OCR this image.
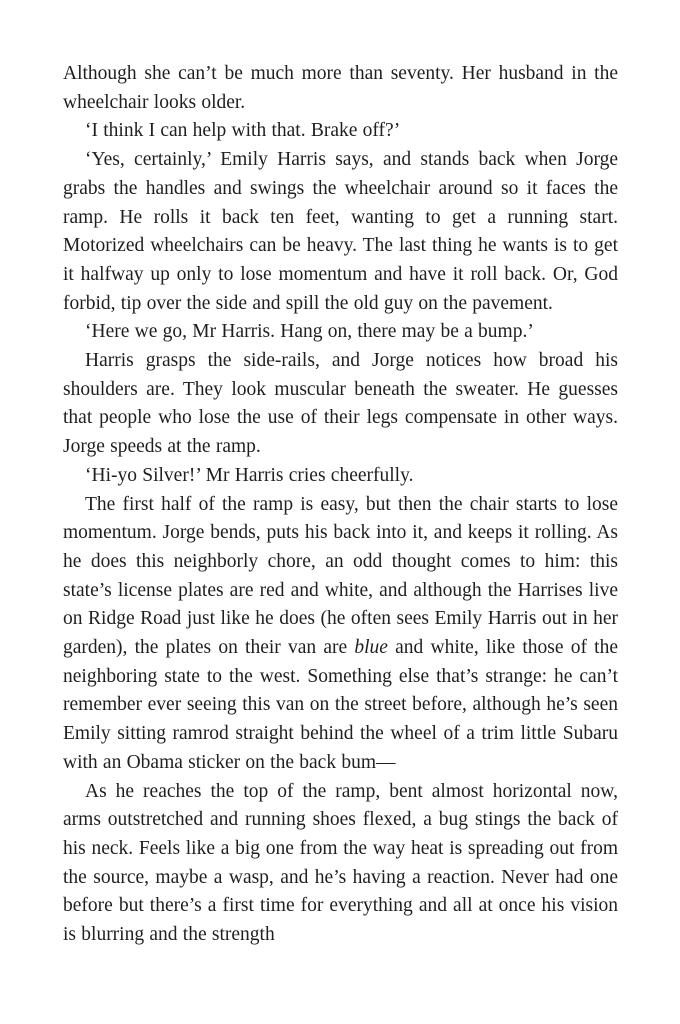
Although she can’t be much more than seventy. Her husband in the wheelchair looks older.

‘I think I can help with that. Brake off?’

‘Yes, certainly,’ Emily Harris says, and stands back when Jorge grabs the handles and swings the wheelchair around so it faces the ramp. He rolls it back ten feet, wanting to get a running start. Motorized wheelchairs can be heavy. The last thing he wants is to get it halfway up only to lose momentum and have it roll back. Or, God forbid, tip over the side and spill the old guy on the pavement.

‘Here we go, Mr Harris. Hang on, there may be a bump.’

Harris grasps the side-rails, and Jorge notices how broad his shoulders are. They look muscular beneath the sweater. He guesses that people who lose the use of their legs compensate in other ways. Jorge speeds at the ramp.

‘Hi-yo Silver!’ Mr Harris cries cheerfully.

The first half of the ramp is easy, but then the chair starts to lose momentum. Jorge bends, puts his back into it, and keeps it rolling. As he does this neighborly chore, an odd thought comes to him: this state’s license plates are red and white, and although the Harrises live on Ridge Road just like he does (he often sees Emily Harris out in her garden), the plates on their van are blue and white, like those of the neighboring state to the west. Something else that’s strange: he can’t remember ever seeing this van on the street before, although he’s seen Emily sitting ramrod straight behind the wheel of a trim little Subaru with an Obama sticker on the back bum—

As he reaches the top of the ramp, bent almost horizontal now, arms outstretched and running shoes flexed, a bug stings the back of his neck. Feels like a big one from the way heat is spreading out from the source, maybe a wasp, and he’s having a reaction. Never had one before but there’s a first time for everything and all at once his vision is blurring and the strength
